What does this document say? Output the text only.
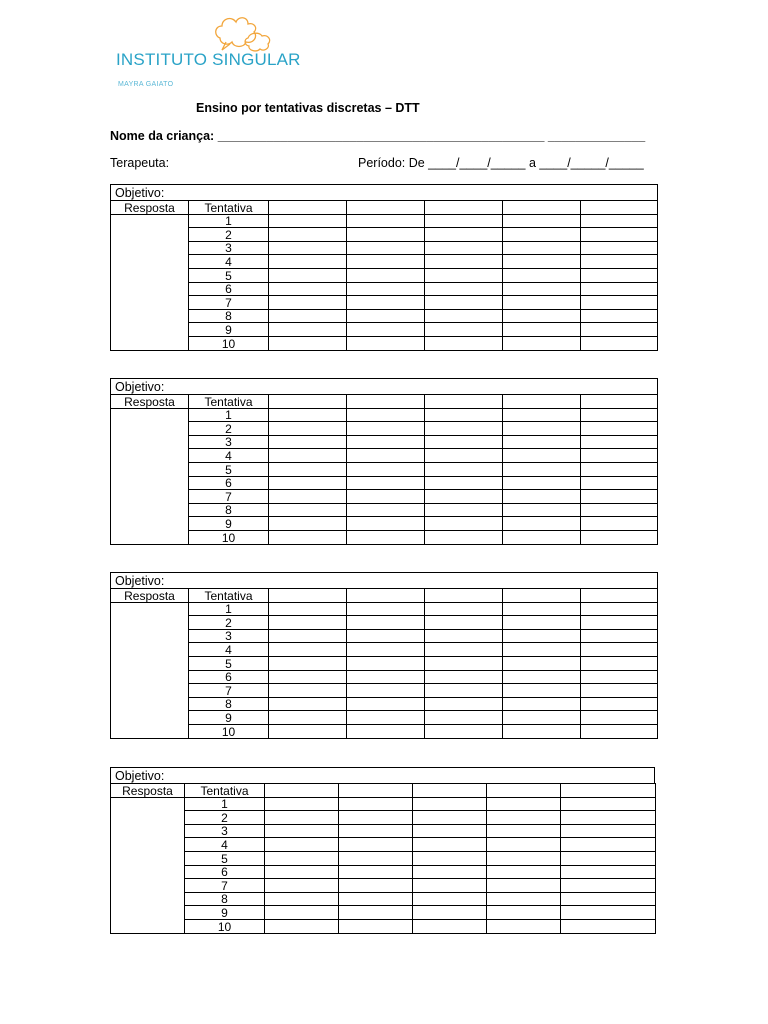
INSTITUTO SINGULAR
MAYRA GAIATO
Ensino por tentativas discretas – DTT
Nome da criança: _______________________________________________ ______________
Terapeuta:	Período: De ____/____/_____ a ____/_____/_____
Objetivo:
Resposta	Tentativa					
	1					
	2					
	3					
	4					
	5					
	6					
	7					
	8					
	9					
	10					
Objetivo:
Resposta	Tentativa					
	1					
	2					
	3					
	4					
	5					
	6					
	7					
	8					
	9					
	10					
Objetivo:
Resposta	Tentativa					
	1					
	2					
	3					
	4					
	5					
	6					
	7					
	8					
	9					
	10					
Objetivo:
Resposta	Tentativa					
	1					
	2					
	3					
	4					
	5					
	6					
	7					
	8					
	9					
	10					
